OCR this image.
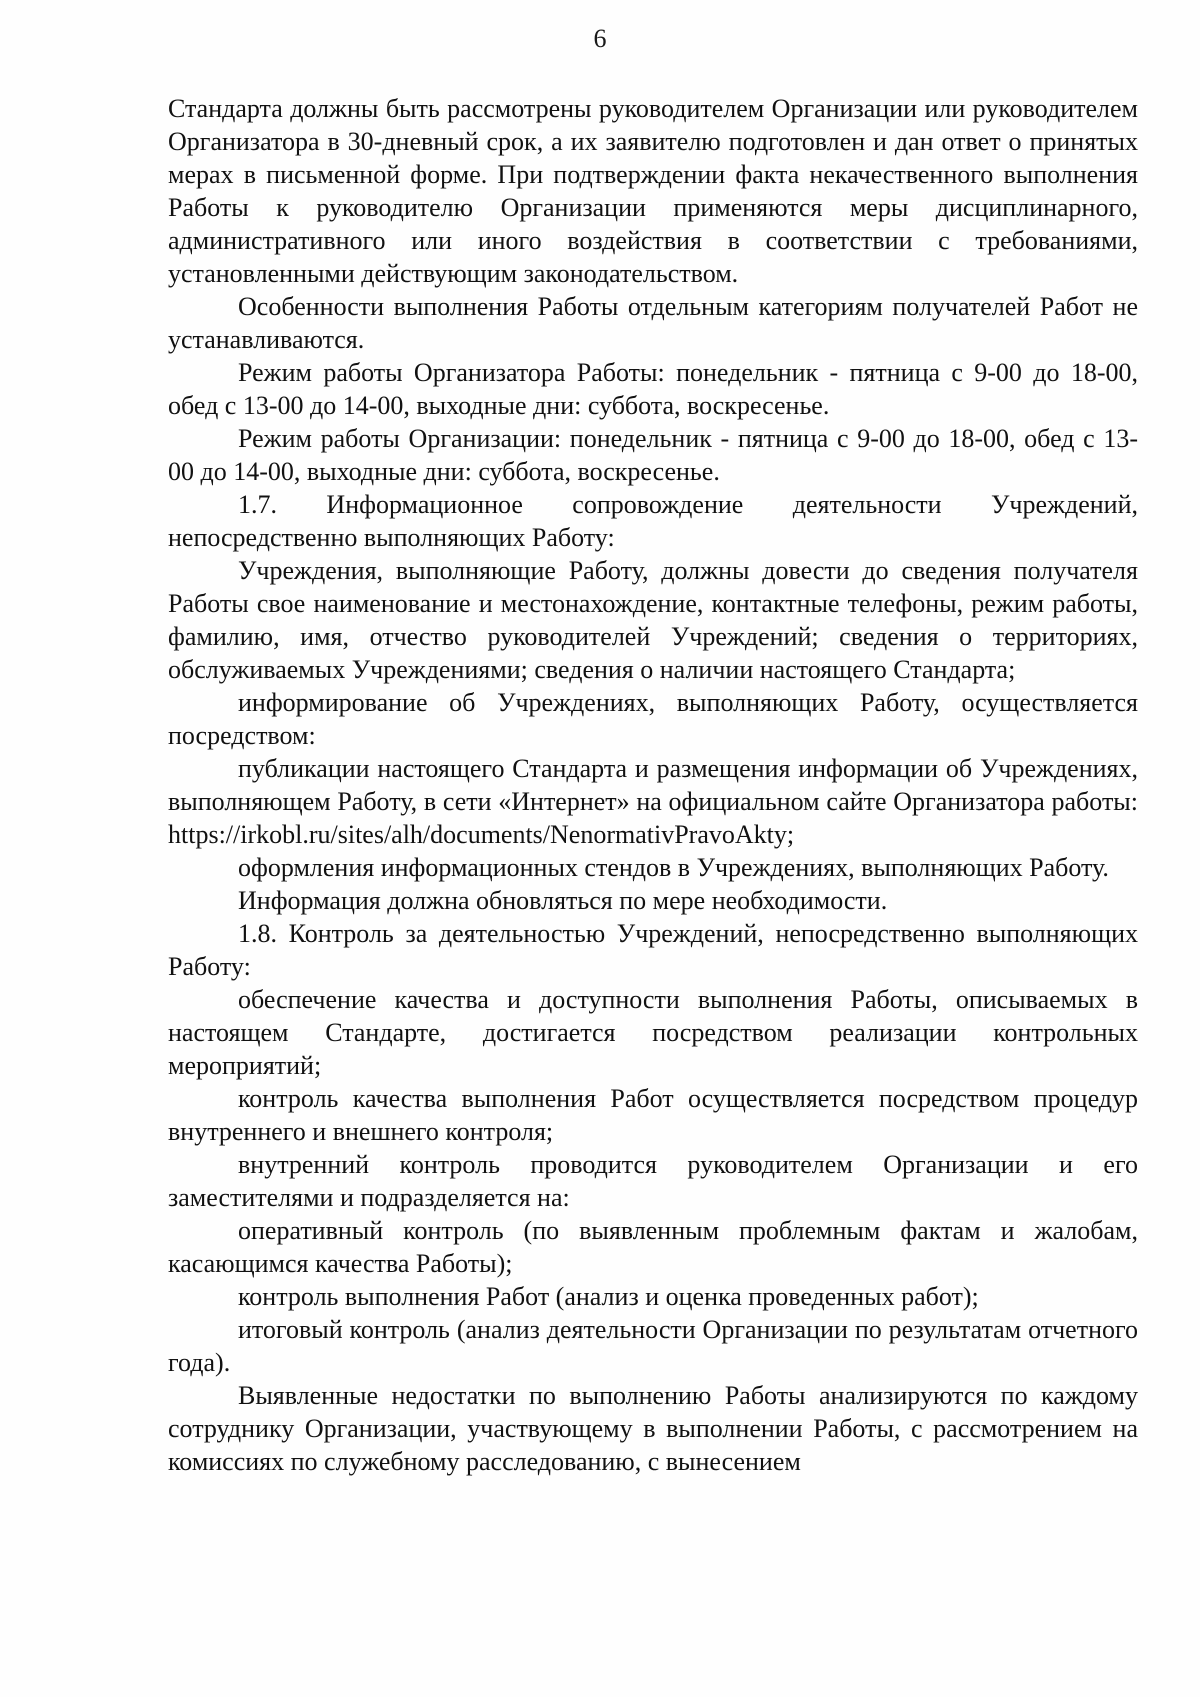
6

Стандарта должны быть рассмотрены руководителем Организации или руководителем Организатора в 30-дневный срок, а их заявителю подготовлен и дан ответ о принятых мерах в письменной форме. При подтверждении факта некачественного выполнения Работы к руководителю Организации применяются меры дисциплинарного, административного или иного воздействия в соответствии с требованиями, установленными действующим законодательством.

Особенности выполнения Работы отдельным категориям получателей Работ не устанавливаются.

Режим работы Организатора Работы: понедельник - пятница с 9-00 до 18-00, обед с 13-00 до 14-00, выходные дни: суббота, воскресенье.

Режим работы Организации: понедельник - пятница с 9-00 до 18-00, обед с 13-00 до 14-00, выходные дни: суббота, воскресенье.

1.7. Информационное сопровождение деятельности Учреждений, непосредственно выполняющих Работу:

Учреждения, выполняющие Работу, должны довести до сведения получателя Работы свое наименование и местонахождение, контактные телефоны, режим работы, фамилию, имя, отчество руководителей Учреждений; сведения о территориях, обслуживаемых Учреждениями; сведения о наличии настоящего Стандарта;

информирование об Учреждениях, выполняющих Работу, осуществляется посредством:

публикации настоящего Стандарта и размещения информации об Учреждениях, выполняющем Работу, в сети «Интернет» на официальном сайте Организатора работы: https://irkobl.ru/sites/alh/documents/NenormativPravoAkty;

оформления информационных стендов в Учреждениях, выполняющих Работу.

Информация должна обновляться по мере необходимости.

1.8. Контроль за деятельностью Учреждений, непосредственно выполняющих Работу:

обеспечение качества и доступности выполнения Работы, описываемых в настоящем Стандарте, достигается посредством реализации контрольных мероприятий;

контроль качества выполнения Работ осуществляется посредством процедур внутреннего и внешнего контроля;

внутренний контроль проводится руководителем Организации и его заместителями и подразделяется на:

оперативный контроль (по выявленным проблемным фактам и жалобам, касающимся качества Работы);

контроль выполнения Работ (анализ и оценка проведенных работ);

итоговый контроль (анализ деятельности Организации по результатам отчетного года).

Выявленные недостатки по выполнению Работы анализируются по каждому сотруднику Организации, участвующему в выполнении Работы, с рассмотрением на комиссиях по служебному расследованию, с вынесением
